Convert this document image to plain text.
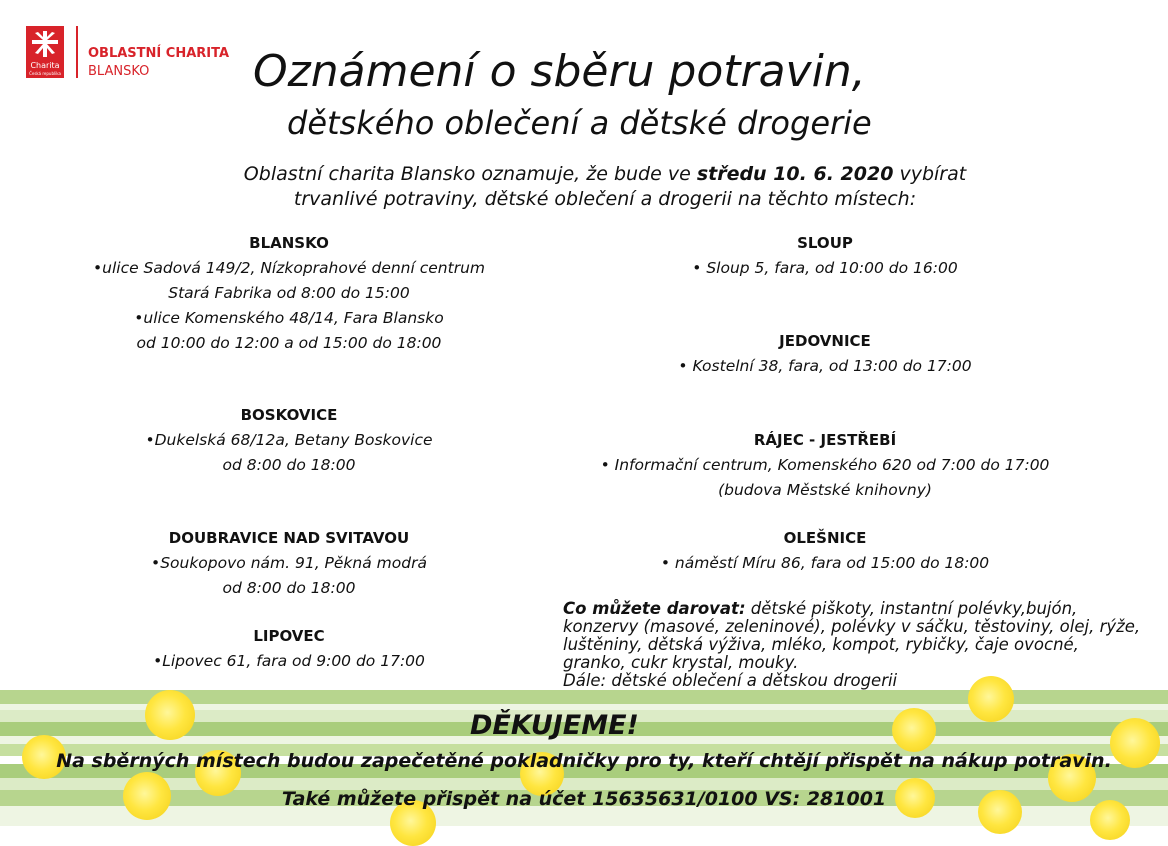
Charita
Česká republika
OBLASTNÍ CHARITA
BLANSKO Oznámení o sběru potravin,
dětského oblečení a dětské drogerie
Oblastní charita Blansko oznamuje, že bude ve středu 10. 6. 2020 vybírat
trvanlivé potraviny, dětské oblečení a drogerii na těchto místech:
BLANSKO
•ulice Sadová 149/2, Nízkoprahové denní centrum
Stará Fabrika od 8:00 do 15:00
•ulice Komenského 48/14, Fara Blansko
od 10:00 do 12:00 a od 15:00 do 18:00
BOSKOVICE
•Dukelská 68/12a, Betany Boskovice
od 8:00 do 18:00
DOUBRAVICE NAD SVITAVOU
•Soukopovo nám. 91, Pěkná modrá
od 8:00 do 18:00
LIPOVEC
•Lipovec 61, fara od 9:00 do 17:00
SLOUP
• Sloup 5, fara, od 10:00 do 16:00
JEDOVNICE
• Kostelní 38, fara, od 13:00 do 17:00
RÁJEC - JESTŘEBÍ
• Informační centrum, Komenského 620 od 7:00 do 17:00
(budova Městské knihovny)
OLEŠNICE
• náměstí Míru 86, fara od 15:00 do 18:00
Co můžete darovat: dětské piškoty, instantní polévky,bujón, konzervy (masové, zeleninové), polévky v sáčku, těstoviny, olej, rýže, luštěniny, dětská výživa, mléko, kompot, rybičky, čaje ovocné, granko, cukr krystal, mouky.
Dále: dětské oblečení a dětskou drogerii
DĚKUJEME!
Na sběrných místech budou zapečetěné pokladničky pro ty, kteří chtějí přispět na nákup potravin.
Také můžete přispět na účet 15635631/0100 VS: 281001
